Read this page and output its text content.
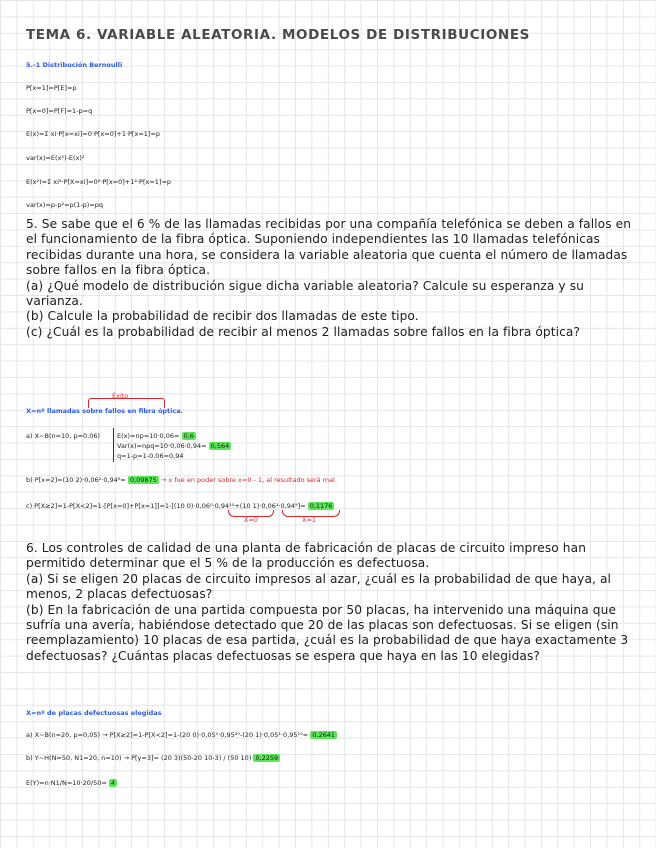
TEMA 6. VARIABLE ALEATORIA. MODELOS DE DISTRIBUCIONES
5.-1 Distribución Bernoulli
P[x=1]=P[E]=p
P[x=0]=P[F]=1-p=q
E(x)=Σ xi·P[x=xi]=0·P[x=0]+1·P[x=1]=p
var(x)=E(x²)-E(x)²
E(x²)=Σ xi²·P[X=xi]=0²·P[x=0]+1²·P[x=1]=p
var(x)=p-p²=p(1-p)=pq

5. Se sabe que el 6 % de las llamadas recibidas por una compañía telefónica se deben a fallos en el funcionamiento de la fibra óptica. Suponiendo independientes las 10 llamadas telefónicas recibidas durante una hora, se considera la variable aleatoria que cuenta el número de llamadas sobre fallos en la fibra óptica.

(a) ¿Qué modelo de distribución sigue dicha variable aleatoria? Calcule su esperanza y su varianza.

(b) Calcule la probabilidad de recibir dos llamadas de este tipo.

(c) ¿Cuál es la probabilidad de recibir al menos 2 llamadas sobre fallos en la fibra óptica?

Éxito
X=nº llamadas sobre fallos en fibra óptica.
a) X~B(n=10, p=0,06)	E(x)=np=10·0,06= 0,6
Var(x)=npq=10·0,06·0,94= 0,564
q=1-p=1-0,06=0,94
b) P[x=2]=(10 2)·0,06²·0,94⁸= 0,09875 → x fue en poder sobre x=0 - 1, al resultado será mal.
c) P[X≥2]=1-P[X<2]=1-[P[x=0]+P[x=1]]=1-[(10 0)·0,06⁰·0,94¹⁰+(10 1)·0,06¹·0,94⁹]= 0,1176
X=0	X=1

6. Los controles de calidad de una planta de fabricación de placas de circuito impreso han permitido determinar que el 5 % de la producción es defectuosa.

(a) Si se eligen 20 placas de circuito impresos al azar, ¿cuál es la probabilidad de que haya, al menos, 2 placas defectuosas?

(b) En la fabricación de una partida compuesta por 50 placas, ha intervenido una máquina que sufría una avería, habiéndose detectado que 20 de las placas son defectuosas. Si se eligen (sin reemplazamiento) 10 placas de esa partida, ¿cuál es la probabilidad de que haya exactamente 3 defectuosas? ¿Cuántas placas defectuosas se espera que haya en las 10 elegidas?

X=nº de placas defectuosas elegidas
a) X~B(n=20, p=0,05) → P[X≥2]=1-P[X<2]=1-(20 0)·0,05⁰·0,95²⁰-(20 1)·0,05¹·0,95¹⁹= 0,2641
b) Y~H(N=50, N1=20, n=10) → P[y=3]= (20 3)(50-20 10-3) / (50 10) 0,2259
E(Y)=n·N1/N=10·20/50= 4
